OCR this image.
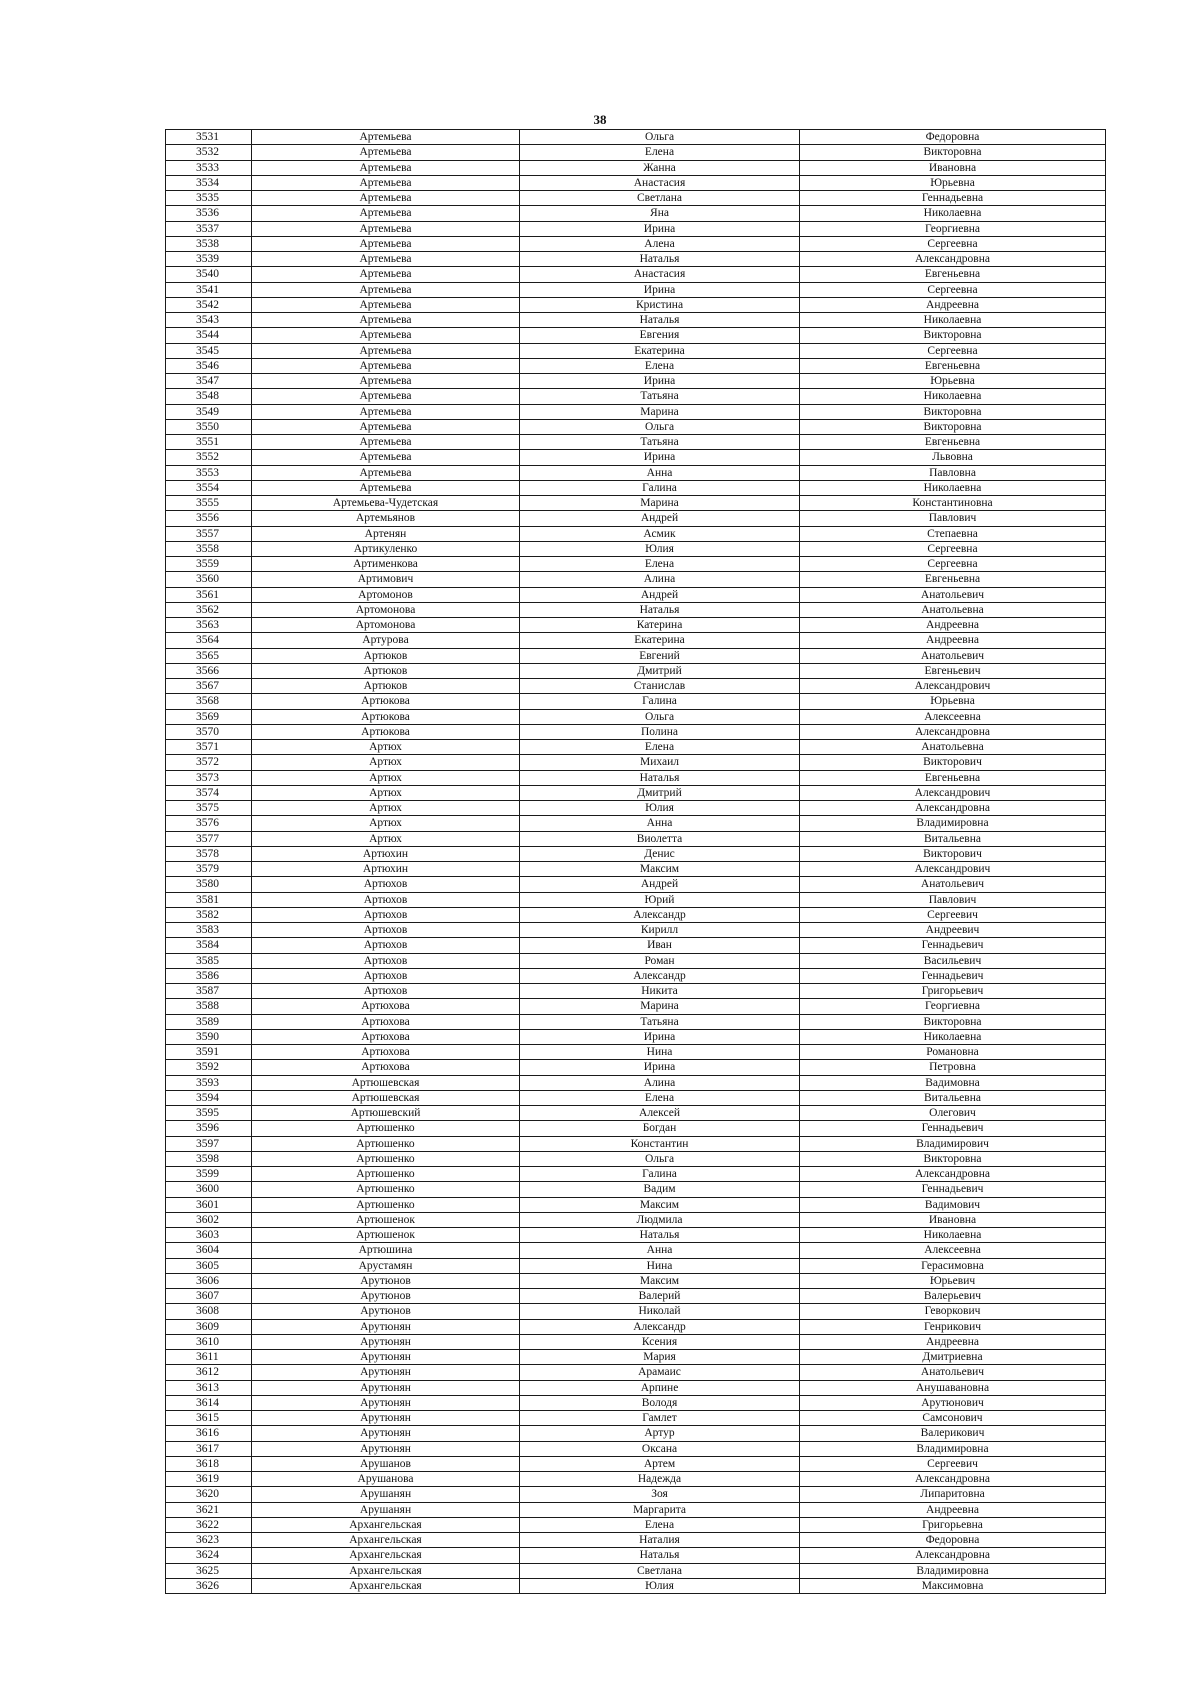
38
3531	Артемьева	Ольга	Федоровна
3532	Артемьева	Елена	Викторовна
3533	Артемьева	Жанна	Ивановна
3534	Артемьева	Анастасия	Юрьевна
3535	Артемьева	Светлана	Геннадьевна
3536	Артемьева	Яна	Николаевна
3537	Артемьева	Ирина	Георгиевна
3538	Артемьева	Алена	Сергеевна
3539	Артемьева	Наталья	Александровна
3540	Артемьева	Анастасия	Евгеньевна
3541	Артемьева	Ирина	Сергеевна
3542	Артемьева	Кристина	Андреевна
3543	Артемьева	Наталья	Николаевна
3544	Артемьева	Евгения	Викторовна
3545	Артемьева	Екатерина	Сергеевна
3546	Артемьева	Елена	Евгеньевна
3547	Артемьева	Ирина	Юрьевна
3548	Артемьева	Татьяна	Николаевна
3549	Артемьева	Марина	Викторовна
3550	Артемьева	Ольга	Викторовна
3551	Артемьева	Татьяна	Евгеньевна
3552	Артемьева	Ирина	Львовна
3553	Артемьева	Анна	Павловна
3554	Артемьева	Галина	Николаевна
3555	Артемьева-Чудетская	Марина	Константиновна
3556	Артемьянов	Андрей	Павлович
3557	Артенян	Асмик	Степаевна
3558	Артикуленко	Юлия	Сергеевна
3559	Артименкова	Елена	Сергеевна
3560	Артимович	Алина	Евгеньевна
3561	Артомонов	Андрей	Анатольевич
3562	Артомонова	Наталья	Анатольевна
3563	Артомонова	Катерина	Андреевна
3564	Артурова	Екатерина	Андреевна
3565	Артюков	Евгений	Анатольевич
3566	Артюков	Дмитрий	Евгеньевич
3567	Артюков	Станислав	Александрович
3568	Артюкова	Галина	Юрьевна
3569	Артюкова	Ольга	Алексеевна
3570	Артюкова	Полина	Александровна
3571	Артюх	Елена	Анатольевна
3572	Артюх	Михаил	Викторович
3573	Артюх	Наталья	Евгеньевна
3574	Артюх	Дмитрий	Александрович
3575	Артюх	Юлия	Александровна
3576	Артюх	Анна	Владимировна
3577	Артюх	Виолетта	Витальевна
3578	Артюхин	Денис	Викторович
3579	Артюхин	Максим	Александрович
3580	Артюхов	Андрей	Анатольевич
3581	Артюхов	Юрий	Павлович
3582	Артюхов	Александр	Сергеевич
3583	Артюхов	Кирилл	Андреевич
3584	Артюхов	Иван	Геннадьевич
3585	Артюхов	Роман	Васильевич
3586	Артюхов	Александр	Геннадьевич
3587	Артюхов	Никита	Григорьевич
3588	Артюхова	Марина	Георгиевна
3589	Артюхова	Татьяна	Викторовна
3590	Артюхова	Ирина	Николаевна
3591	Артюхова	Нина	Романовна
3592	Артюхова	Ирина	Петровна
3593	Артюшевская	Алина	Вадимовна
3594	Артюшевская	Елена	Витальевна
3595	Артюшевский	Алексей	Олегович
3596	Артюшенко	Богдан	Геннадьевич
3597	Артюшенко	Константин	Владимирович
3598	Артюшенко	Ольга	Викторовна
3599	Артюшенко	Галина	Александровна
3600	Артюшенко	Вадим	Геннадьевич
3601	Артюшенко	Максим	Вадимович
3602	Артюшенок	Людмила	Ивановна
3603	Артюшенок	Наталья	Николаевна
3604	Артюшина	Анна	Алексеевна
3605	Арустамян	Нина	Герасимовна
3606	Арутюнов	Максим	Юрьевич
3607	Арутюнов	Валерий	Валерьевич
3608	Арутюнов	Николай	Геворкович
3609	Арутюнян	Александр	Генрикович
3610	Арутюнян	Ксения	Андреевна
3611	Арутюнян	Мария	Дмитриевна
3612	Арутюнян	Арамаис	Анатольевич
3613	Арутюнян	Арпине	Анушавановна
3614	Арутюнян	Володя	Арутюнович
3615	Арутюнян	Гамлет	Самсонович
3616	Арутюнян	Артур	Валерикович
3617	Арутюнян	Оксана	Владимировна
3618	Арушанов	Артем	Сергеевич
3619	Арушанова	Надежда	Александровна
3620	Арушанян	Зоя	Липаритовна
3621	Арушанян	Маргарита	Андреевна
3622	Архангельская	Елена	Григорьевна
3623	Архангельская	Наталия	Федоровна
3624	Архангельская	Наталья	Александровна
3625	Архангельская	Светлана	Владимировна
3626	Архангельская	Юлия	Максимовна
